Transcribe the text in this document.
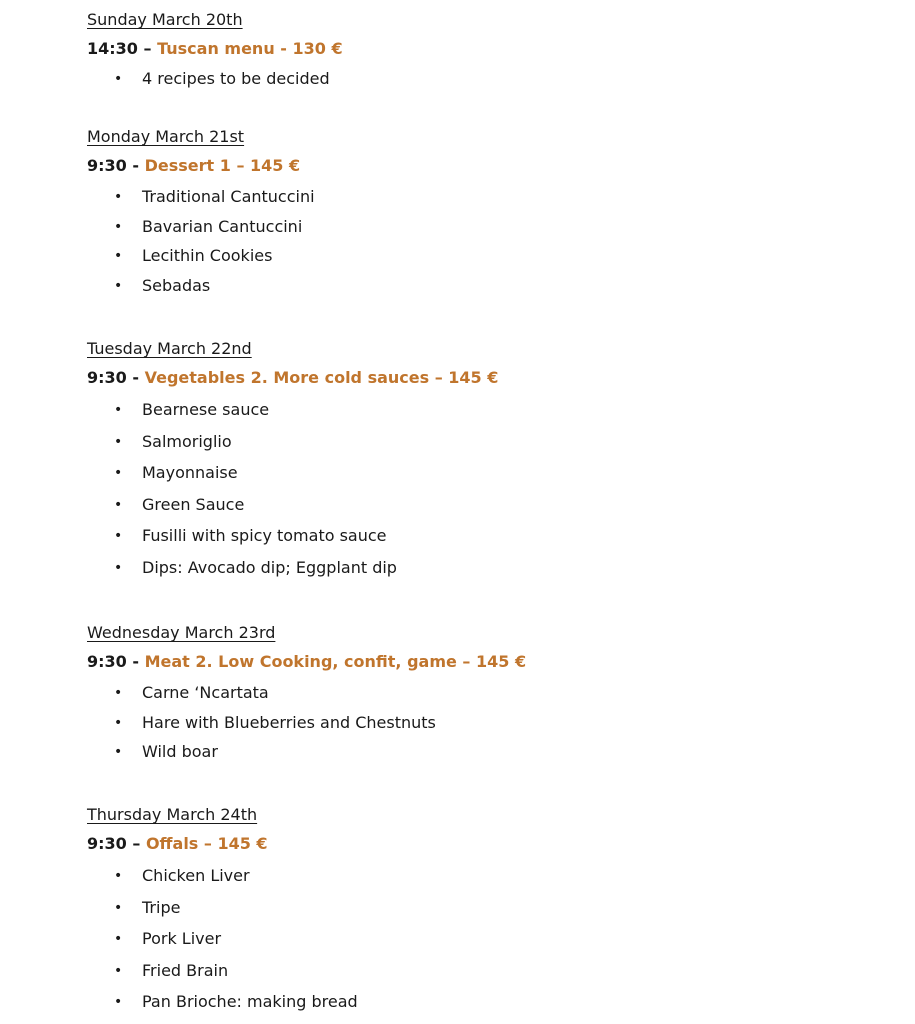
Sunday March 20th

14:30 – Tuscan menu - 130 €

• 4 recipes to be decided

Monday March 21st

9:30 - Dessert 1 – 145 €

• Traditional Cantuccini
• Bavarian Cantuccini
• Lecithin Cookies
• Sebadas

Tuesday March 22nd

9:30 - Vegetables 2. More cold sauces – 145 €

• Bearnese sauce
• Salmoriglio
• Mayonnaise
• Green Sauce
• Fusilli with spicy tomato sauce
• Dips: Avocado dip; Eggplant dip

Wednesday March 23rd

9:30 - Meat 2. Low Cooking, confit, game – 145 €

• Carne ‘Ncartata
• Hare with Blueberries and Chestnuts
• Wild boar

Thursday March 24th

9:30 – Offals – 145 €

• Chicken Liver
• Tripe
• Pork Liver
• Fried Brain
• Pan Brioche: making bread
